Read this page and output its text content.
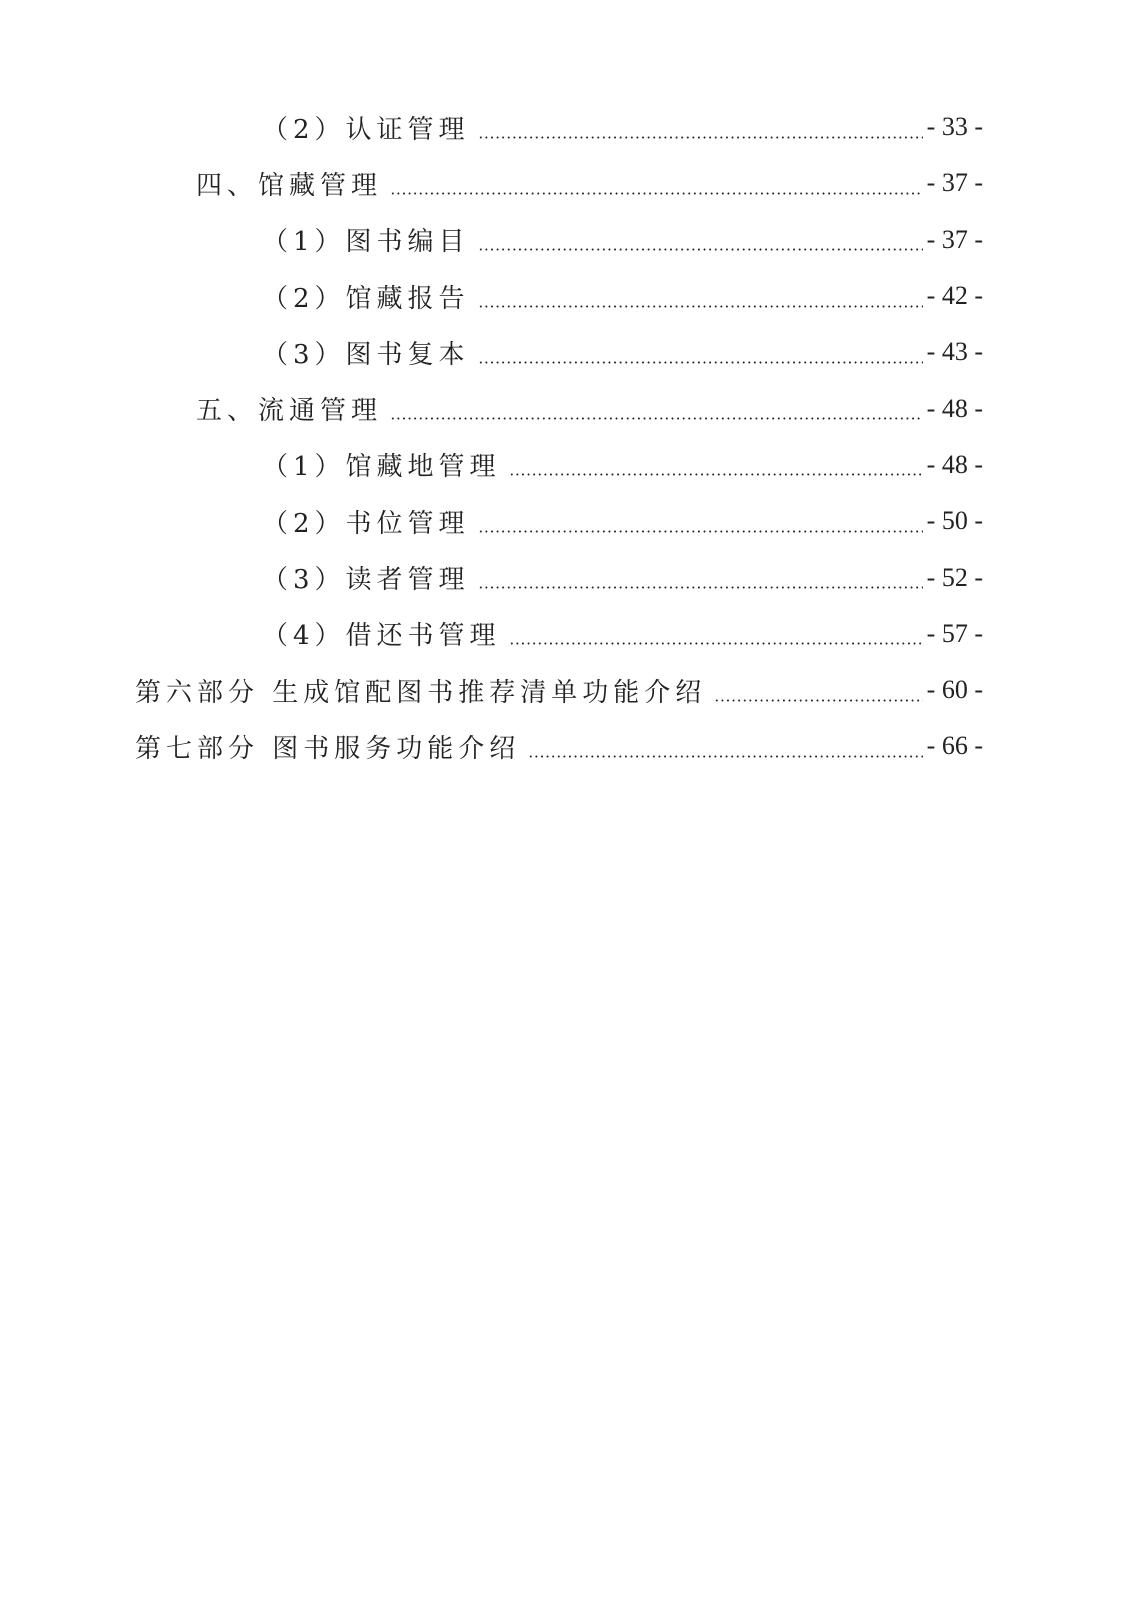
（2）认证管理	- 33 -
四、馆藏管理	- 37 -
（1）图书编目	- 37 -
（2）馆藏报告	- 42 -
（3）图书复本	- 43 -
五、流通管理	- 48 -
（1）馆藏地管理	- 48 -
（2）书位管理	- 50 -
（3）读者管理	- 52 -
（4）借还书管理	- 57 -
第六部分 生成馆配图书推荐清单功能介绍	- 60 -
第七部分 图书服务功能介绍	- 66 -
